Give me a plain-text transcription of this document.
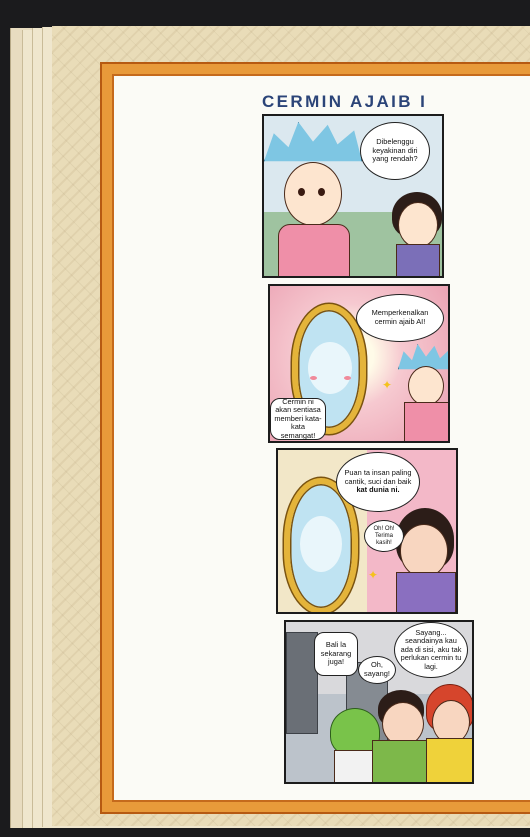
CERMIN AJAIB I
Dibelenggu keyakinan diri yang rendah?
✦
Memperkenalkan cermin ajaib AI!
Cermin ni akan sentiasa memberi kata-kata semangat!
✦
Puan ta insan paling cantik, suci dan baik kat dunia ni.
Oh! Oh! Terima kasih!
Bali la sekarang juga!	Oh, sayang!
Sayang... seandainya kau ada di sisi, aku tak perlukan cermin tu lagi.
